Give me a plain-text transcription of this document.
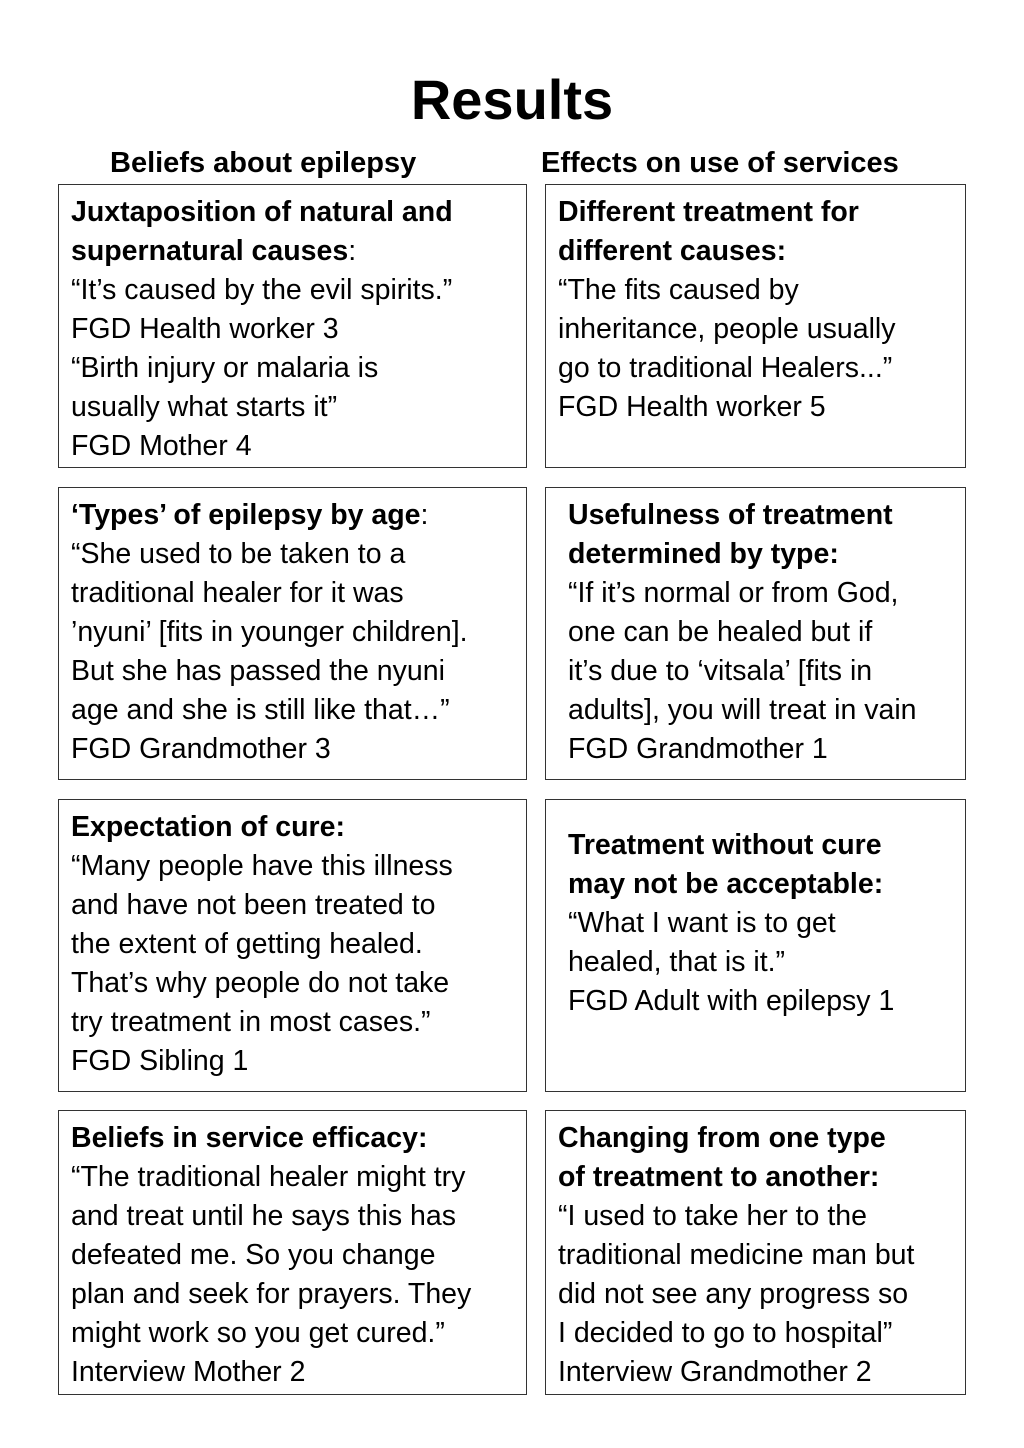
Results
Beliefs about epilepsy	Effects on use of services
Juxtaposition of natural and
supernatural causes:
“It’s caused by the evil spirits.”
FGD Health worker 3
“Birth injury or malaria is
usually what starts it”
FGD Mother 4
‘Types’ of epilepsy by age:
“She used to be taken to a
traditional healer for it was
’nyuni’ [fits in younger children].
But she has passed the nyuni
age and she is still like that…”
FGD Grandmother 3
Expectation of cure:
“Many people have this illness
and have not been treated to
the extent of getting healed.
That’s why people do not take
try treatment in most cases.”
FGD Sibling 1
Beliefs in service efficacy:
“The traditional healer might try
and treat until he says this has
defeated me. So you change
plan and seek for prayers. They
might work so you get cured.”
Interview Mother 2
Different treatment for
different causes:
“The fits caused by
inheritance, people usually
go to traditional Healers...”
FGD Health worker 5
Usefulness of treatment
determined by type:
“If it’s normal or from God,
one can be healed but if
it’s due to ‘vitsala’ [fits in
adults], you will treat in vain
FGD Grandmother 1
Treatment without cure
may not be acceptable:
“What I want is to get
healed, that is it.”
FGD Adult with epilepsy 1
Changing from one type
of treatment to another:
“I used to take her to the
traditional medicine man but
did not see any progress so
I decided to go to hospital”
Interview Grandmother 2
